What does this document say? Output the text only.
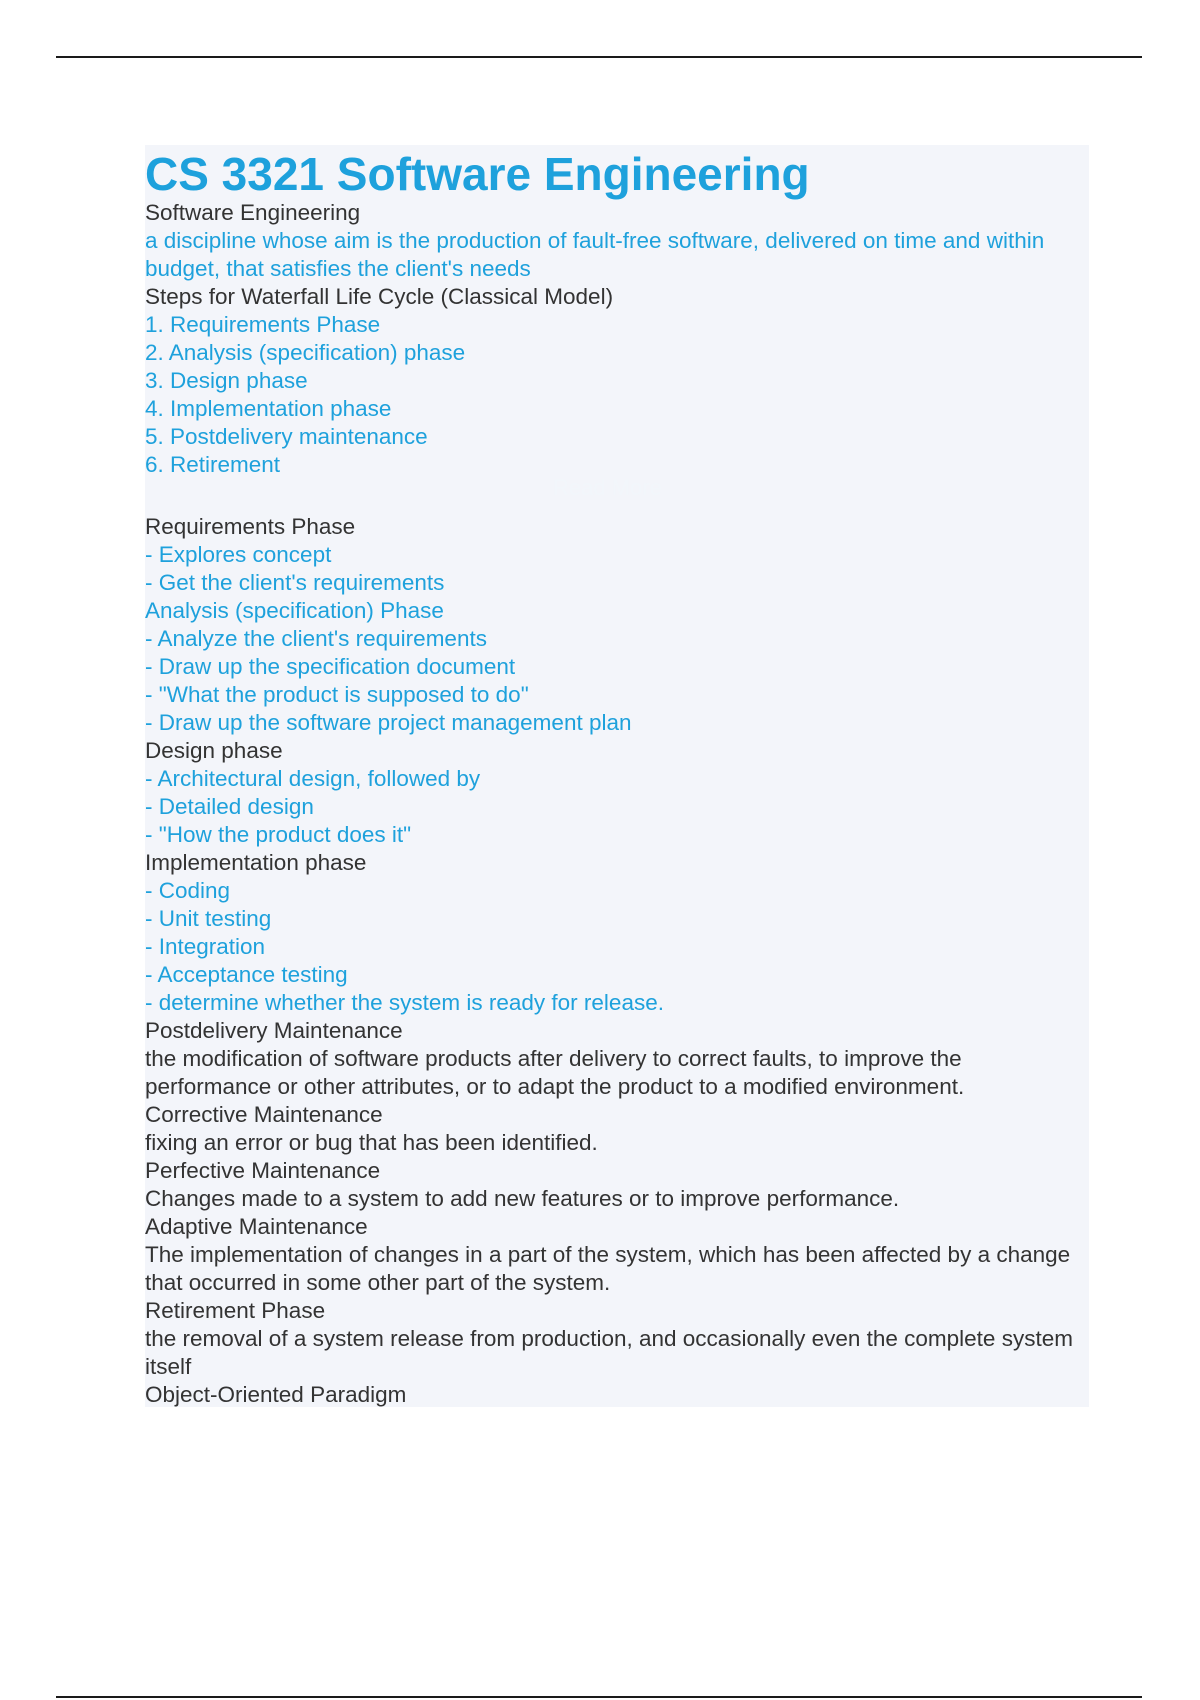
CS 3321 Software Engineering
Software Engineering
a discipline whose aim is the production of fault-free software, delivered on time and within budget, that satisfies the client's needs
Steps for Waterfall Life Cycle (Classical Model)
1. Requirements Phase
2. Analysis (specification) phase
3. Design phase
4. Implementation phase
5. Postdelivery maintenance
6. Retirement
Read More
Requirements Phase
- Explores concept
- Get the client's requirements
Analysis (specification) Phase
- Analyze the client's requirements
- Draw up the specification document
- "What the product is supposed to do"
- Draw up the software project management plan
Design phase
- Architectural design, followed by
- Detailed design
- "How the product does it"
Implementation phase
- Coding
- Unit testing
- Integration
- Acceptance testing
- determine whether the system is ready for release.
Postdelivery Maintenance
the modification of software products after delivery to correct faults, to improve the performance or other attributes, or to adapt the product to a modified environment.
Corrective Maintenance
fixing an error or bug that has been identified.
Perfective Maintenance
Changes made to a system to add new features or to improve performance.
Adaptive Maintenance
The implementation of changes in a part of the system, which has been affected by a change that occurred in some other part of the system.
Retirement Phase
the removal of a system release from production, and occasionally even the complete system itself
Object-Oriented Paradigm
